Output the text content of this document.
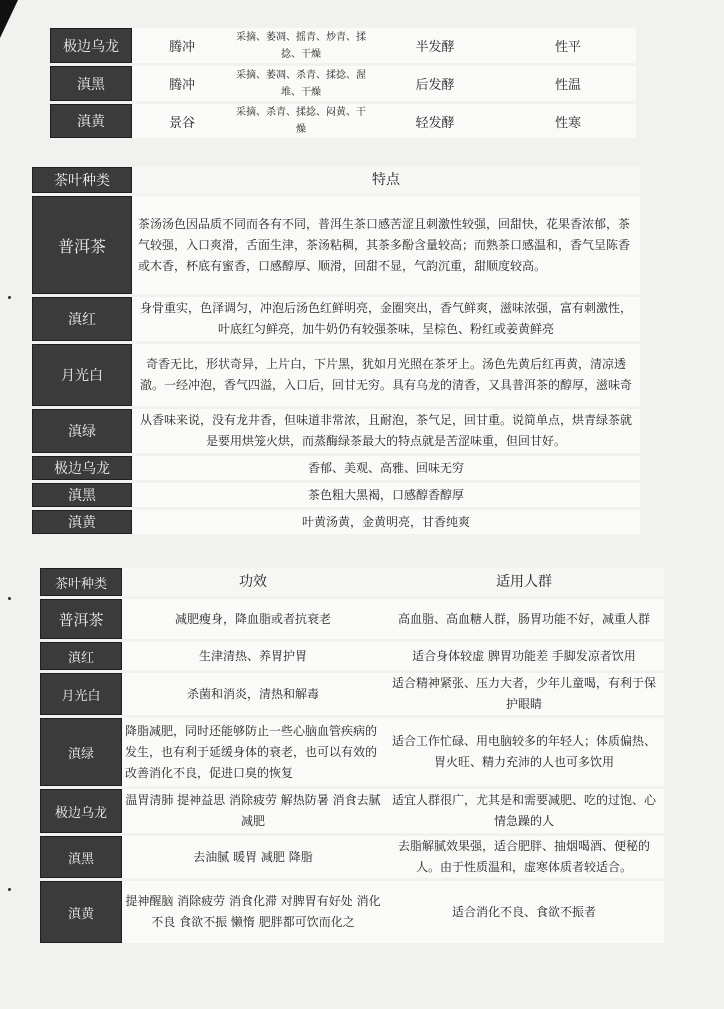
极边乌龙	腾冲	采摘、萎凋、摇青、炒青、揉捻、干燥	半发酵	性平
滇黑	腾冲	采摘、萎凋、杀青、揉捻、渥堆、干燥	后发酵	性温
滇黄	景谷	采摘、杀青、揉捻、闷黄、干燥	轻发酵	性寒
茶叶种类	特点
普洱茶	茶汤汤色因品质不同而各有不同，普洱生茶口感苦涩且刺激性较强，回甜快，花果香浓郁，茶气较强，入口爽滑，舌面生津，茶汤粘稠，其茶多酚含量较高；而熟茶口感温和，香气呈陈香或木香，杯底有蜜香，口感醇厚、顺滑，回甜不显，气韵沉重，甜顺度较高。
滇红	身骨重实，色泽调匀，冲泡后汤色红鲜明亮，金圈突出，香气鲜爽，滋味浓强，富有刺激性，叶底红匀鲜亮，加牛奶仍有较强茶味，呈棕色、粉红或姜黄鲜亮
月光白	奇香无比，形状奇异，上片白，下片黑，犹如月光照在茶牙上。汤色先黄后红再黄，清凉透澈。一经冲泡，香气四溢，入口后，回甘无穷。具有乌龙的清香，又具普洱茶的醇厚，滋味奇
滇绿	从香味来说，没有龙井香，但味道非常浓，且耐泡，茶气足，回甘重。说简单点，烘青绿茶就是要用烘笼火烘，而蒸酶绿茶最大的特点就是苦涩味重，但回甘好。
极边乌龙	香郁、美观、高雅、回味无穷
滇黑	茶色粗大黑褐，口感醇香醇厚
滇黄	叶黄汤黄，金黄明亮，甘香纯爽
茶叶种类	功效	适用人群
普洱茶	减肥瘦身，降血脂或者抗衰老	高血脂、高血糖人群，肠胃功能不好，减重人群
滇红	生津清热、养胃护胃	适合身体较虚 脾胃功能差 手脚发凉者饮用
月光白	杀菌和消炎，清热和解毒	适合精神紧张、压力大者，少年儿童喝，有利于保护眼睛
滇绿	降脂减肥，同时还能够防止一些心脑血管疾病的发生，也有利于延缓身体的衰老，也可以有效的改善消化不良，促进口臭的恢复	适合工作忙碌、用电脑较多的年轻人；体质偏热、胃火旺、精力充沛的人也可多饮用
极边乌龙	温胃清肺 提神益思 消除疲劳 解热防暑 消食去腻 减肥	适宜人群很广，尤其是和需要减肥、吃的过饱、心情急躁的人
滇黑	去油腻 暖胃 减肥 降脂	去脂解腻效果强，适合肥胖、抽烟喝酒、便秘的人。由于性质温和，虚寒体质者较适合。
滇黄	提神醒脑 消除疲劳 消食化滞 对脾胃有好处 消化不良 食欲不振 懒惰 肥胖都可饮而化之	适合消化不良、食欲不振者
